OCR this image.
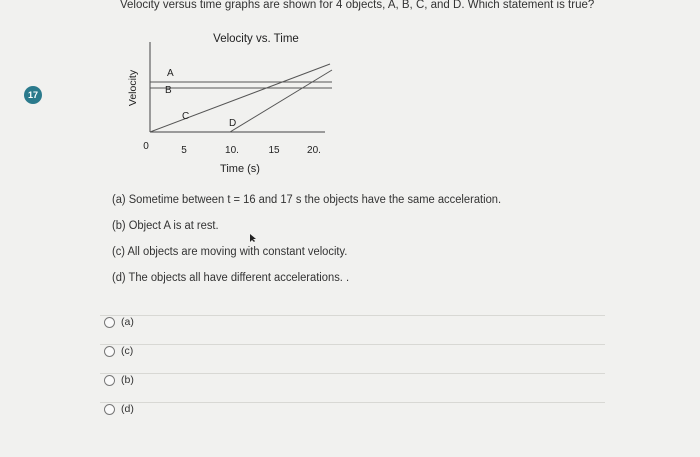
17
Velocity versus time graphs are shown for 4 objects, A, B, C, and D. Which statement is true?
Velocity vs. Time
Velocity	A
B
C
D
0	5	10.	15	20.
Time (s)
(a) Sometime between t = 16 and 17 s the objects have the same acceleration.
(b) Object A is at rest.
(c) All objects are moving with constant velocity.
(d) The objects all have different accelerations. .
(a)
(c)
(b)
(d)
